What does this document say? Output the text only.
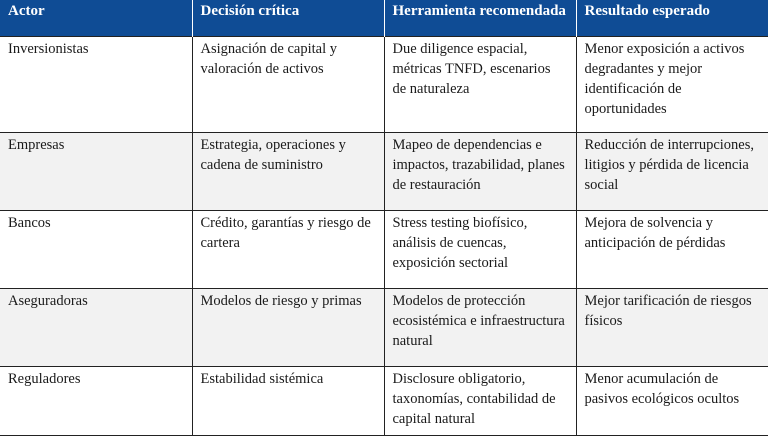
Actor	Decisión crítica	Herramienta recomendada	Resultado esperado
Inversionistas	Asignación de capital y valoración de activos	Due diligence espacial, métricas TNFD, escenarios de naturaleza	Menor exposición a activos degradantes y mejor identificación de oportunidades
Empresas	Estrategia, operaciones y cadena de suministro	Mapeo de dependencias e impactos, trazabilidad, planes de restauración	Reducción de interrupciones, litigios y pérdida de licencia social
Bancos	Crédito, garantías y riesgo de cartera	Stress testing biofísico, análisis de cuencas, exposición sectorial	Mejora de solvencia y anticipación de pérdidas
Aseguradoras	Modelos de riesgo y primas	Modelos de protección ecosistémica e infraestructura natural	Mejor tarificación de riesgos físicos
Reguladores	Estabilidad sistémica	Disclosure obligatorio, taxonomías, contabilidad de capital natural	Menor acumulación de pasivos ecológicos ocultos
